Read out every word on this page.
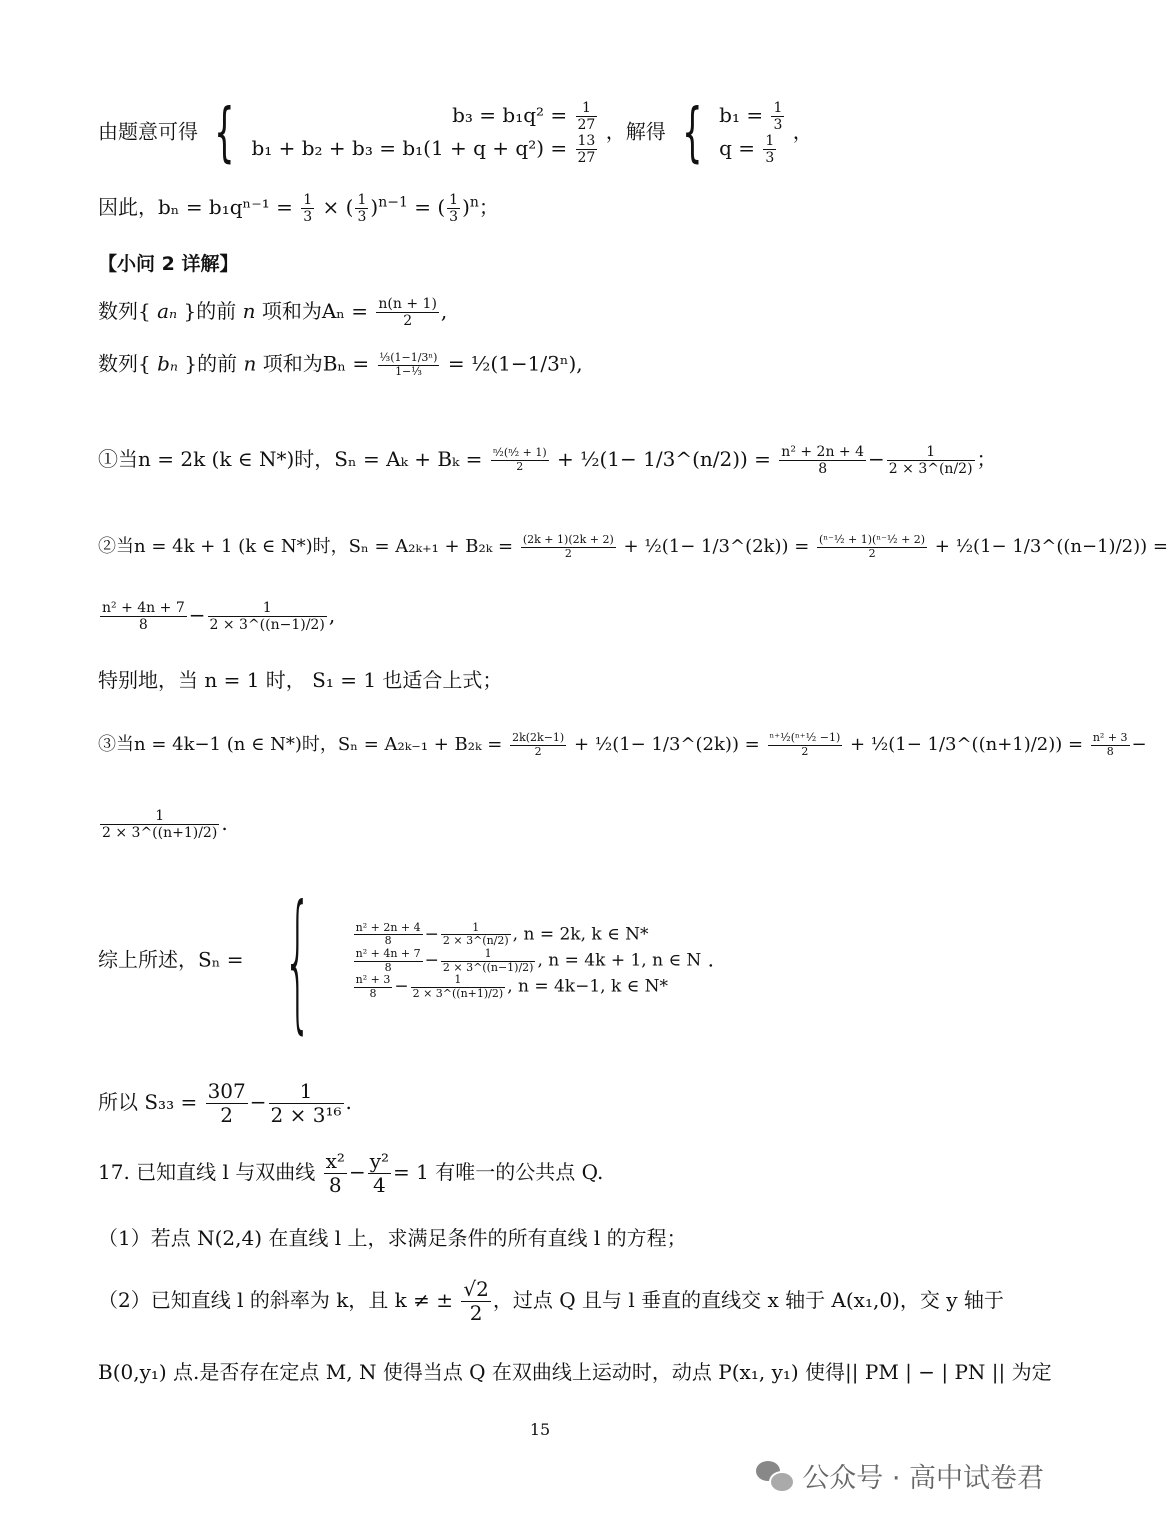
由题意可得 {	$b_3 = b_1q^2 = \frac{1}{27}$
$b_1 + b_2 + b_3 = b_1(1 + q + q^2) = \frac{13}{27}$
，解得 { $b_1 = \frac{1}{3}$
$q = \frac{1}{3}$
，
因此，$b_n = b_1q^{n-1} = \frac{1}{3}$ × ( $\frac{1}{3} )^{n-1}$ = ( $\frac{1}{3} )^n$；
【小问 2 详解】
数列{ aₙ }的前 n 项和为$A_n = \frac{n(n + 1)}{2}$ ,
数列{ bₙ }的前 n 项和为$B_n = \frac{\text{⅓(1−1/3ⁿ)}}{\text{1−⅓}}$ = ½(1−1/3ⁿ),
①当n = 2k (k ∈ N*)时，$S_n = A_k + B_k = \frac{\text{ⁿ⁄₂(ⁿ⁄₂ + 1)}}{2}$ + ½(1− 1/3^(n/2)) = $\frac{\text{n² + 2n + 4}}{8} - \frac{1}{2 \times 3\^{}(n/2)}$ ；
②当n = 4k + 1 (k ∈ N*)时，$S_n = A_{2k+1} + B_{2k} = \frac{(2k + 1)(2k + 2)}{2}$ + ½(1− 1/3^(2k)) = $\frac{\text{(ⁿ⁻¹⁄₂ + 1)(ⁿ⁻¹⁄₂ + 2)}}{2}$ + ½(1− 1/3^((n−1)/2)) =
$\frac{\text{n² + 4n + 7}}{8} - \frac{1}{2 \times 3\^{}((n-1)/2)}$ ,
特别地，当 n = 1 时， S₁ = 1 也适合上式；
③当n = 4k−1 (n ∈ N*)时，$S_n = A_{2k-1} + B_{2k} = \frac{2k(2k-1)}{2}$ + ½(1− 1/3^(2k)) = $\frac{\text{ⁿ⁺¹⁄₂(ⁿ⁺¹⁄₂ −1)}}{2}$ + ½(1− 1/3^((n+1)/2)) = $\frac{\text{n² + 3}}{8}$ −
$\frac{1}{2 \times 3\^{}((n+1)/2)}$ .
综上所述，Sₙ = {	$\frac{\text{n² + 2n + 4}}{8} - \frac{1}{2 \times 3\^{}(n/2)}$ , n = 2k, k ∈ N*
$\frac{\text{n² + 4n + 7}}{8} - \frac{1}{2 \times 3\^{}((n-1)/2)}$ , n = 4k + 1, n ∈ N
$\frac{\text{n² + 3}}{8} - \frac{1}{2 \times 3\^{}((n+1)/2)}$ , n = 4k−1, k ∈ N*
.
所以 $S_{33} = \frac{307}{2} - \frac{1}{\text{2 × 3¹⁶}}$ .
17. 已知直线 l 与双曲线 $\frac{\text{x²}}{8} - \frac{\text{y²}}{4} = 1$ 有唯一的公共点 Q.
（1）若点 N(2,4) 在直线 l 上，求满足条件的所有直线 l 的方程；
（2）已知直线 l 的斜率为 k，且 k ≠ ± $\frac{√2}{2}$ ，过点 Q 且与 l 垂直的直线交 x 轴于 A(x₁,0)，交 y 轴于
B(0,y₁) 点.是否存在定点 M, N 使得当点 Q 在双曲线上运动时，动点 P(x₁, y₁) 使得|| PM | − | PN || 为定
15
公众号 · 高中试卷君
